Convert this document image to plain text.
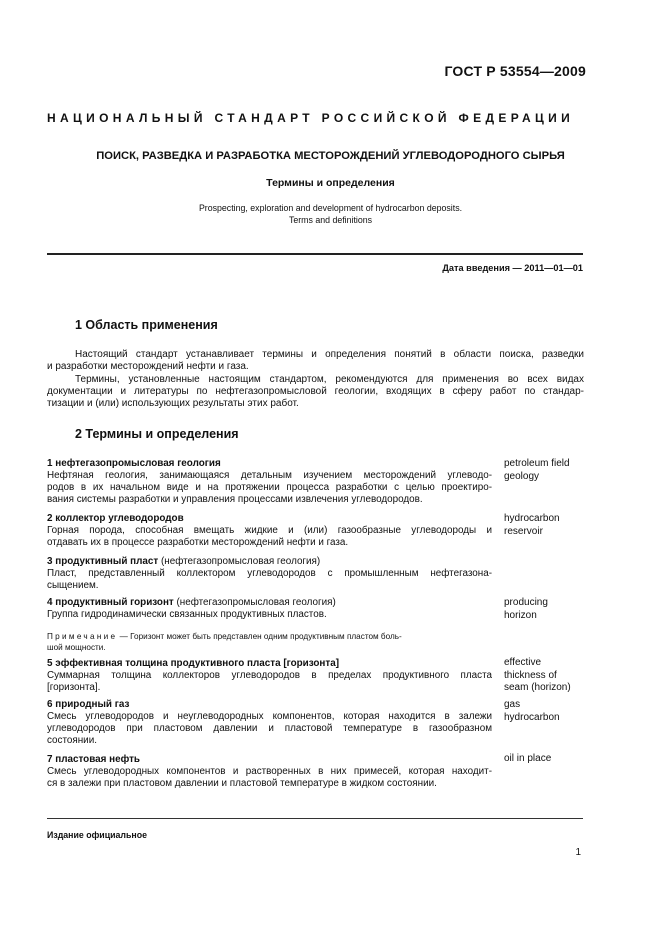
ГОСТ Р 53554—2009
НАЦИОНАЛЬНЫЙ СТАНДАРТ РОССИЙСКОЙ ФЕДЕРАЦИИ
ПОИСК, РАЗВЕДКА И РАЗРАБОТКА МЕСТОРОЖДЕНИЙ УГЛЕВОДОРОДНОГО СЫРЬЯ
Термины и определения
Prospecting, exploration and development of hydrocarbon deposits.
Terms and definitions
Дата введения — 2011—01—01
1 Область применения
Настоящий стандарт устанавливает термины и определения понятий в области поиска, разведки
и разработки месторождений нефти и газа.
Термины, установленные настоящим стандартом, рекомендуются для применения во всех видах
документации и литературы по нефтегазопромысловой геологии, входящих в сферу работ по стандар-
тизации и (или) использующих результаты этих работ.
2 Термины и определения
1 нефтегазопромысловая геология
Нефтяная геология, занимающаяся детальным изучением месторождений углеводо-
родов в их начальном виде и на протяжении процесса разработки с целью проектиро-
вания системы разработки и управления процессами извлечения углеводородов.
petroleum field
geology
2 коллектор углеводородов
Горная порода, способная вмещать жидкие и (или) газообразные углеводороды и
отдавать их в процессе разработки месторождений нефти и газа.
hydrocarbon
reservoir
3 продуктивный пласт (нефтегазопромысловая геология)
Пласт, представленный коллектором углеводородов с промышленным нефтегазона-
сыщением.
4 продуктивный горизонт (нефтегазопромысловая геология)
Группа гидродинамически связанных продуктивных пластов.
producing
horizon
Примечание — Горизонт может быть представлен одним продуктивным пластом боль-
шой мощности.
5 эффективная толщина продуктивного пласта [горизонта]
Суммарная толщина коллекторов углеводородов в пределах продуктивного пласта
[горизонта].
effective
thickness of
seam (horizon)
6 природный газ
Смесь углеводородов и неуглеводородных компонентов, которая находится в залежи
углеводородов при пластовом давлении и пластовой температуре в газообразном
состоянии.
gas
hydrocarbon
7 пластовая нефть
Смесь углеводородных компонентов и растворенных в них примесей, которая находит-
ся в залежи при пластовом давлении и пластовой температуре в жидком состоянии.
oil in place
Издание официальное
1
